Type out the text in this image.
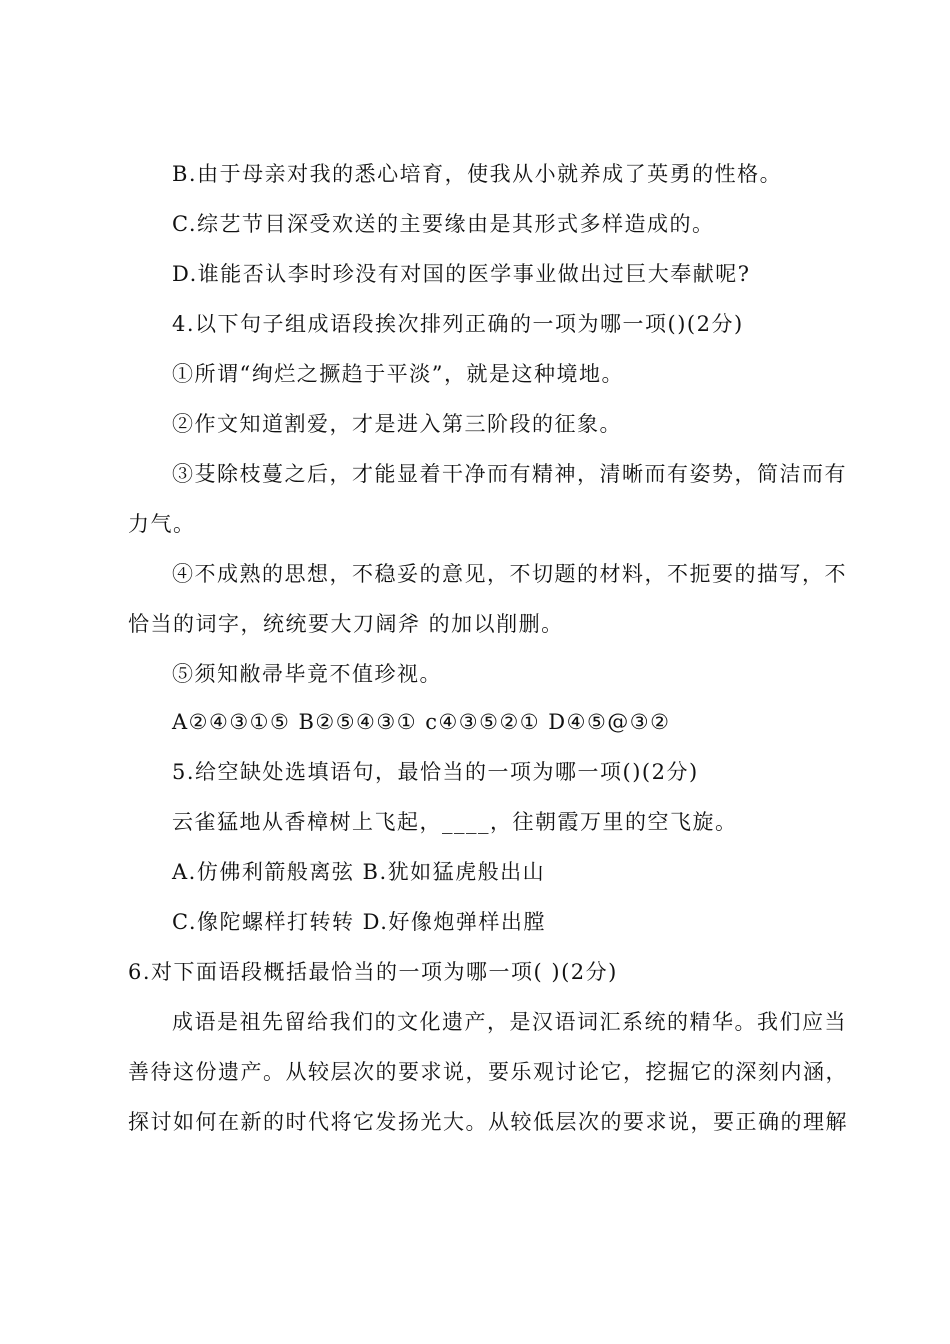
B.由于母亲对我的悉心培育，使我从小就养成了英勇的性格。
C.综艺节目深受欢送的主要缘由是其形式多样造成的。
D.谁能否认李时珍没有对国的医学事业做出过巨大奉献呢?
4.以下句子组成语段挨次排列正确的一项为哪一项()(2分)
①所谓“绚烂之撅趋于平淡”，就是这种境地。
②作文知道割爱，才是进入第三阶段的征象。
③芟除枝蔓之后，才能显着干净而有精神，清晰而有姿势，简洁而有
力气。
④不成熟的思想，不稳妥的意见，不切题的材料，不扼要的描写，不
恰当的词字，统统要大刀阔斧 的加以削删。
⑤须知敝帚毕竟不值珍视。
A②④③①⑤ B②⑤④③① c④③⑤②① D④⑤@③②
5.给空缺处选填语句，最恰当的一项为哪一项()(2分)
云雀猛地从香樟树上飞起，____，往朝霞万里的空飞旋。
A.仿佛利箭般离弦 B.犹如猛虎般出山
C.像陀螺样打转转 D.好像炮弹样出膛
6.对下面语段概括最恰当的一项为哪一项( )(2分)
成语是祖先留给我们的文化遗产，是汉语词汇系统的精华。我们应当
善待这份遗产。从较层次的要求说，要乐观讨论它，挖掘它的深刻内涵，
探讨如何在新的时代将它发扬光大。从较低层次的要求说，要正确的理解
